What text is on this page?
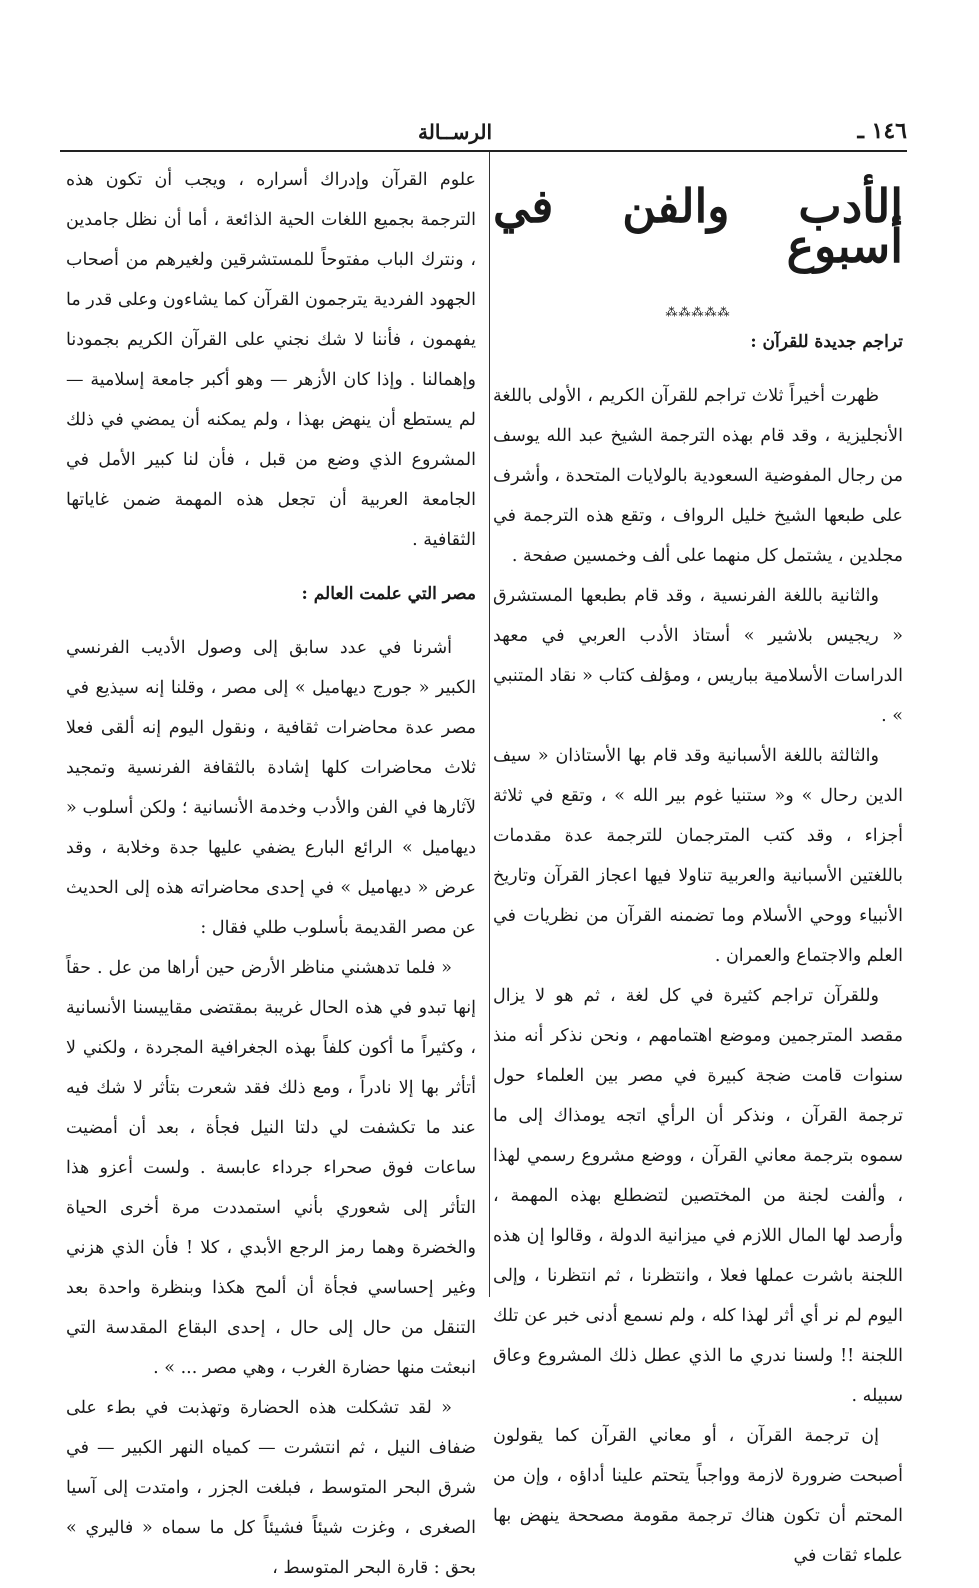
١٤٦ ـ
الرســالة
الأدب والفن في أسبوع
⁂⁂⁂⁂⁂
تراجم جديدة للقرآن :

ظهرت أخيراً ثلاث تراجم للقرآن الكريم ، الأولى باللغة الأنجليزية ، وقد قام بهذه الترجمة الشيخ عبد الله يوسف من رجال المفوضية السعودية بالولايات المتحدة ، وأشرف على طبعها الشيخ خليل الرواف ، وتقع هذه الترجمة في مجلدين ، يشتمل كل منهما على ألف وخمسين صفحة .

والثانية باللغة الفرنسية ، وقد قام بطبعها المستشرق « ريجيس بلاشير » أستاذ الأدب العربي في معهد الدراسات الأسلامية بباريس ، ومؤلف كتاب « نقاد المتنبي » .

والثالثة باللغة الأسبانية وقد قام بها الأستاذان « سيف الدين رحال » و« ستنيا غوم بير الله » ، وتقع في ثلاثة أجزاء ، وقد كتب المترجمان للترجمة عدة مقدمات باللغتين الأسبانية والعربية تناولا فيها اعجاز القرآن وتاريخ الأنبياء ووحي الأسلام وما تضمنه القرآن من نظريات في العلم والاجتماع والعمران .

وللقرآن تراجم كثيرة في كل لغة ، ثم هو لا يزال مقصد المترجمين وموضع اهتمامهم ، ونحن نذكر أنه منذ سنوات قامت ضجة كبيرة في مصر بين العلماء حول ترجمة القرآن ، ونذكر أن الرأي اتجه يومذاك إلى ما سموه بترجمة معاني القرآن ، ووضع مشروع رسمي لهذا ، وألفت لجنة من المختصين لتضطلع بهذه المهمة ، وأرصد لها المال اللازم في ميزانية الدولة ، وقالوا إن هذه اللجنة باشرت عملها فعلا ، وانتظرنا ، ثم انتظرنا ، وإلى اليوم لم نر أي أثر لهذا كله ، ولم نسمع أدنى خبر عن تلك اللجنة !! ولسنا ندري ما الذي عطل ذلك المشروع وعاق سبيله .

إن ترجمة القرآن ، أو معاني القرآن كما يقولون أصبحت ضرورة لازمة وواجباً يتحتم علينا أداؤه ، وإن من المحتم أن تكون هناك ترجمة مقومة مصححة ينهض بها علماء ثقات في

علوم القرآن وإدراك أسراره ، ويجب أن تكون هذه الترجمة بجميع اللغات الحية الذائعة ، أما أن نظل جامدين ، ونترك الباب مفتوحاً للمستشرقين ولغيرهم من أصحاب الجهود الفردية يترجمون القرآن كما يشاءون وعلى قدر ما يفهمون ، فأننا لا شك نجني على القرآن الكريم بجمودنا وإهمالنا . وإذا كان الأزهر — وهو أكبر جامعة إسلامية — لم يستطع أن ينهض بهذا ، ولم يمكنه أن يمضي في ذلك المشروع الذي وضع من قبل ، فأن لنا كبير الأمل في الجامعة العربية أن تجعل هذه المهمة ضمن غاياتها الثقافية .

مصر التي علمت العالم :

أشرنا في عدد سابق إلى وصول الأديب الفرنسي الكبير « جورج ديهاميل » إلى مصر ، وقلنا إنه سيذيع في مصر عدة محاضرات ثقافية ، ونقول اليوم إنه ألقى فعلا ثلاث محاضرات كلها إشادة بالثقافة الفرنسية وتمجيد لآثارها في الفن والأدب وخدمة الأنسانية ؛ ولكن أسلوب « ديهاميل » الرائع البارع يضفي عليها جدة وخلابة ، وقد عرض « ديهاميل » في إحدى محاضراته هذه إلى الحديث عن مصر القديمة بأسلوب طلي فقال :

« فلما تدهشني مناظر الأرض حين أراها من عل . حقاً إنها تبدو في هذه الحال غريبة بمقتضى مقاييسنا الأنسانية ، وكثيراً ما أكون كلفاً بهذه الجغرافية المجردة ، ولكني لا أتأثر بها إلا نادراً ، ومع ذلك فقد شعرت بتأثر لا شك فيه عند ما تكشفت لي دلتا النيل فجأة ، بعد أن أمضيت ساعات فوق صحراء جرداء عابسة . ولست أعزو هذا التأثر إلى شعوري بأني استمددت مرة أخرى الحياة والخضرة وهما رمز الرجع الأبدي ، كلا ! فأن الذي هزني وغير إحساسي فجأة أن ألمح هكذا وبنظرة واحدة بعد التنقل من حال إلى حال ، إحدى البقاع المقدسة التي انبعثت منها حضارة الغرب ، وهي مصر ... » .

« لقد تشكلت هذه الحضارة وتهذبت في بطء على ضفاف النيل ، ثم انتشرت — كمياه النهر الكبير — في شرق البحر المتوسط ، فبلغت الجزر ، وامتدت إلى آسيا الصغرى ، وغزت شيئاً فشيئاً كل ما سماه « فاليري » بحق : قارة البحر المتوسط ،
